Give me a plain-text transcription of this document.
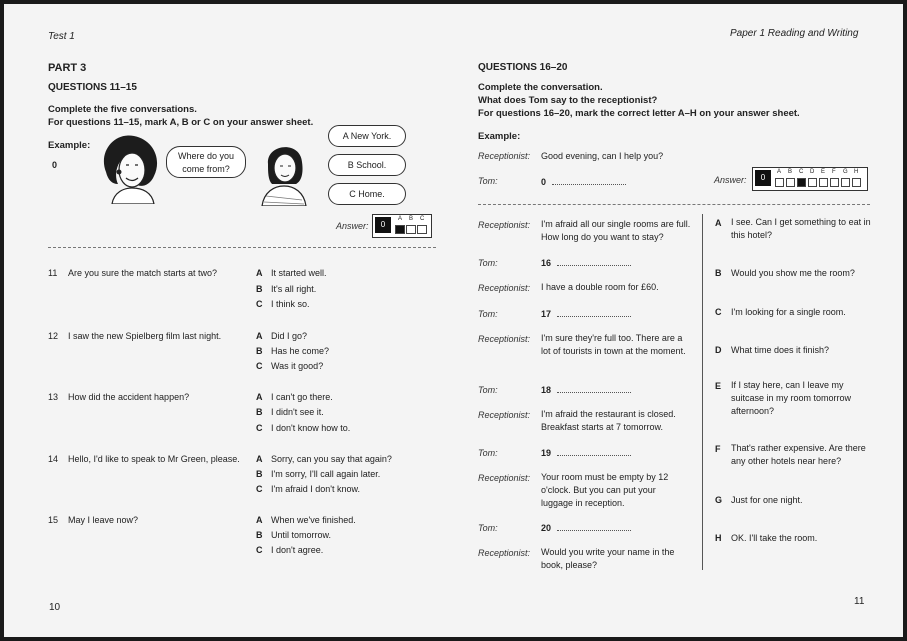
Test 1
PART 3
QUESTIONS 11–15
Complete the five conversations.
For questions 11–15, mark A, B or C on your answer sheet.
Example:
0
Where do you come from?
A New York.
B School.
C Home.
Answer:	0
A B C
11 Are you sure the match starts at two?	A It started well.
B It's all right.
C I think so.
12 I saw the new Spielberg film last night.	A Did I go?
B Has he come?
C Was it good?
13 How did the accident happen?	A I can't go there.
B I didn't see it.
C I don't know how to.
14 Hello, I'd like to speak to Mr Green, please. A Sorry, can you say that again?
B I'm sorry, I'll call again later.
C I'm afraid I don't know.
15 May I leave now?	A When we've finished.
B Until tomorrow.
C I don't agree.
10
Paper 1 Reading and Writing
QUESTIONS 16–20
Complete the conversation.
What does Tom say to the receptionist?
For questions 16–20, mark the correct letter A–H on your answer sheet.
Example:
Receptionist: Good evening, can I help you?
Tom:	0	Answer:	0
A B C D E F G H
Receptionist: I'm afraid all our single rooms are full. How long do you want to stay?
Tom:	16
Receptionist: I have a double room for £60.
Tom:	17
Receptionist: I'm sure they're full too. There are a lot of tourists in town at the moment.
Tom:	18
Receptionist: I'm afraid the restaurant is closed. Breakfast starts at 7 tomorrow.
Tom:	19
Receptionist: Your room must be empty by 12 o'clock. But you can put your luggage in reception.
Tom:	20
Receptionist: Would you write your name in the book, please?
A I see. Can I get something to eat in this hotel?
B Would you show me the room?
C I'm looking for a single room.
D What time does it finish?
E If I stay here, can I leave my suitcase in my room tomorrow afternoon?
F That's rather expensive. Are there any other hotels near here?
G Just for one night.
H OK. I'll take the room.
11
